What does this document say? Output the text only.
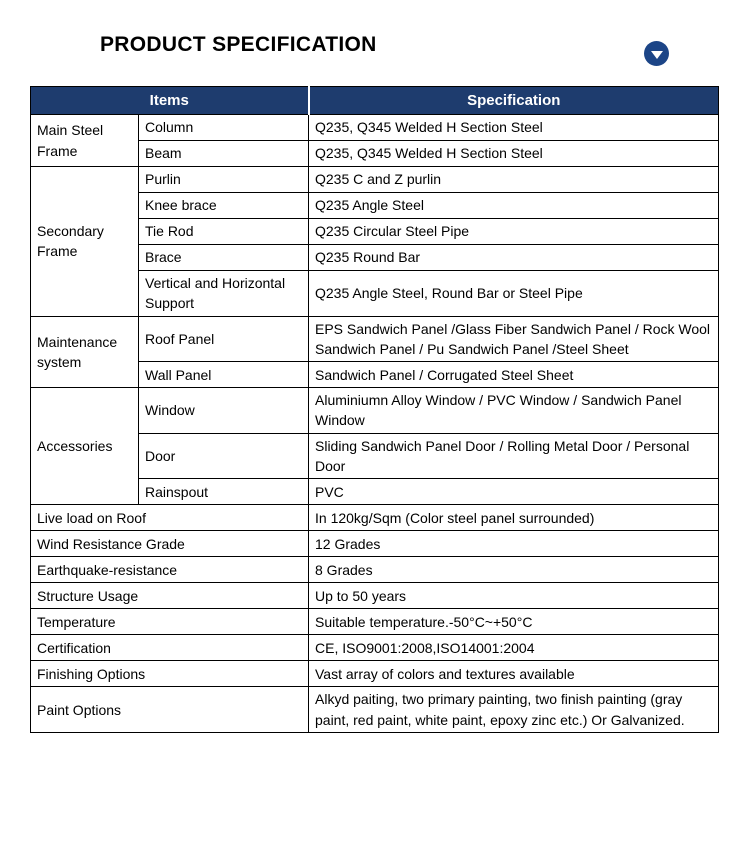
PRODUCT SPECIFICATION
Items		Specification
Main Steel Frame	Column	Q235, Q345 Welded H Section Steel
	Beam	Q235, Q345 Welded H Section Steel
Secondary Frame	Purlin	Q235 C and Z purlin
	Knee brace	Q235 Angle Steel
	Tie Rod	Q235 Circular Steel Pipe
	Brace	Q235 Round Bar
	Vertical and Horizontal Support	Q235 Angle Steel, Round Bar or Steel Pipe
Maintenance system	Roof Panel	EPS Sandwich Panel /Glass Fiber Sandwich Panel / Rock Wool Sandwich Panel / Pu Sandwich Panel /Steel Sheet
	Wall Panel	Sandwich Panel / Corrugated Steel Sheet
Accessories	Window	Aluminiumn Alloy Window / PVC Window / Sandwich Panel Window
	Door	Sliding Sandwich Panel Door / Rolling Metal Door / Personal Door
	Rainspout	PVC
Live load on Roof		In 120kg/Sqm (Color steel panel surrounded)
Wind Resistance Grade		12 Grades
Earthquake-resistance		8 Grades
Structure Usage		Up to 50 years
Temperature		Suitable temperature.-50°C~+50°C
Certification		CE, ISO9001:2008,ISO14001:2004
Finishing Options		Vast array of colors and textures available
Paint Options		Alkyd paiting, two primary painting, two finish painting (gray paint, red paint, white paint, epoxy zinc etc.) Or Galvanized.
